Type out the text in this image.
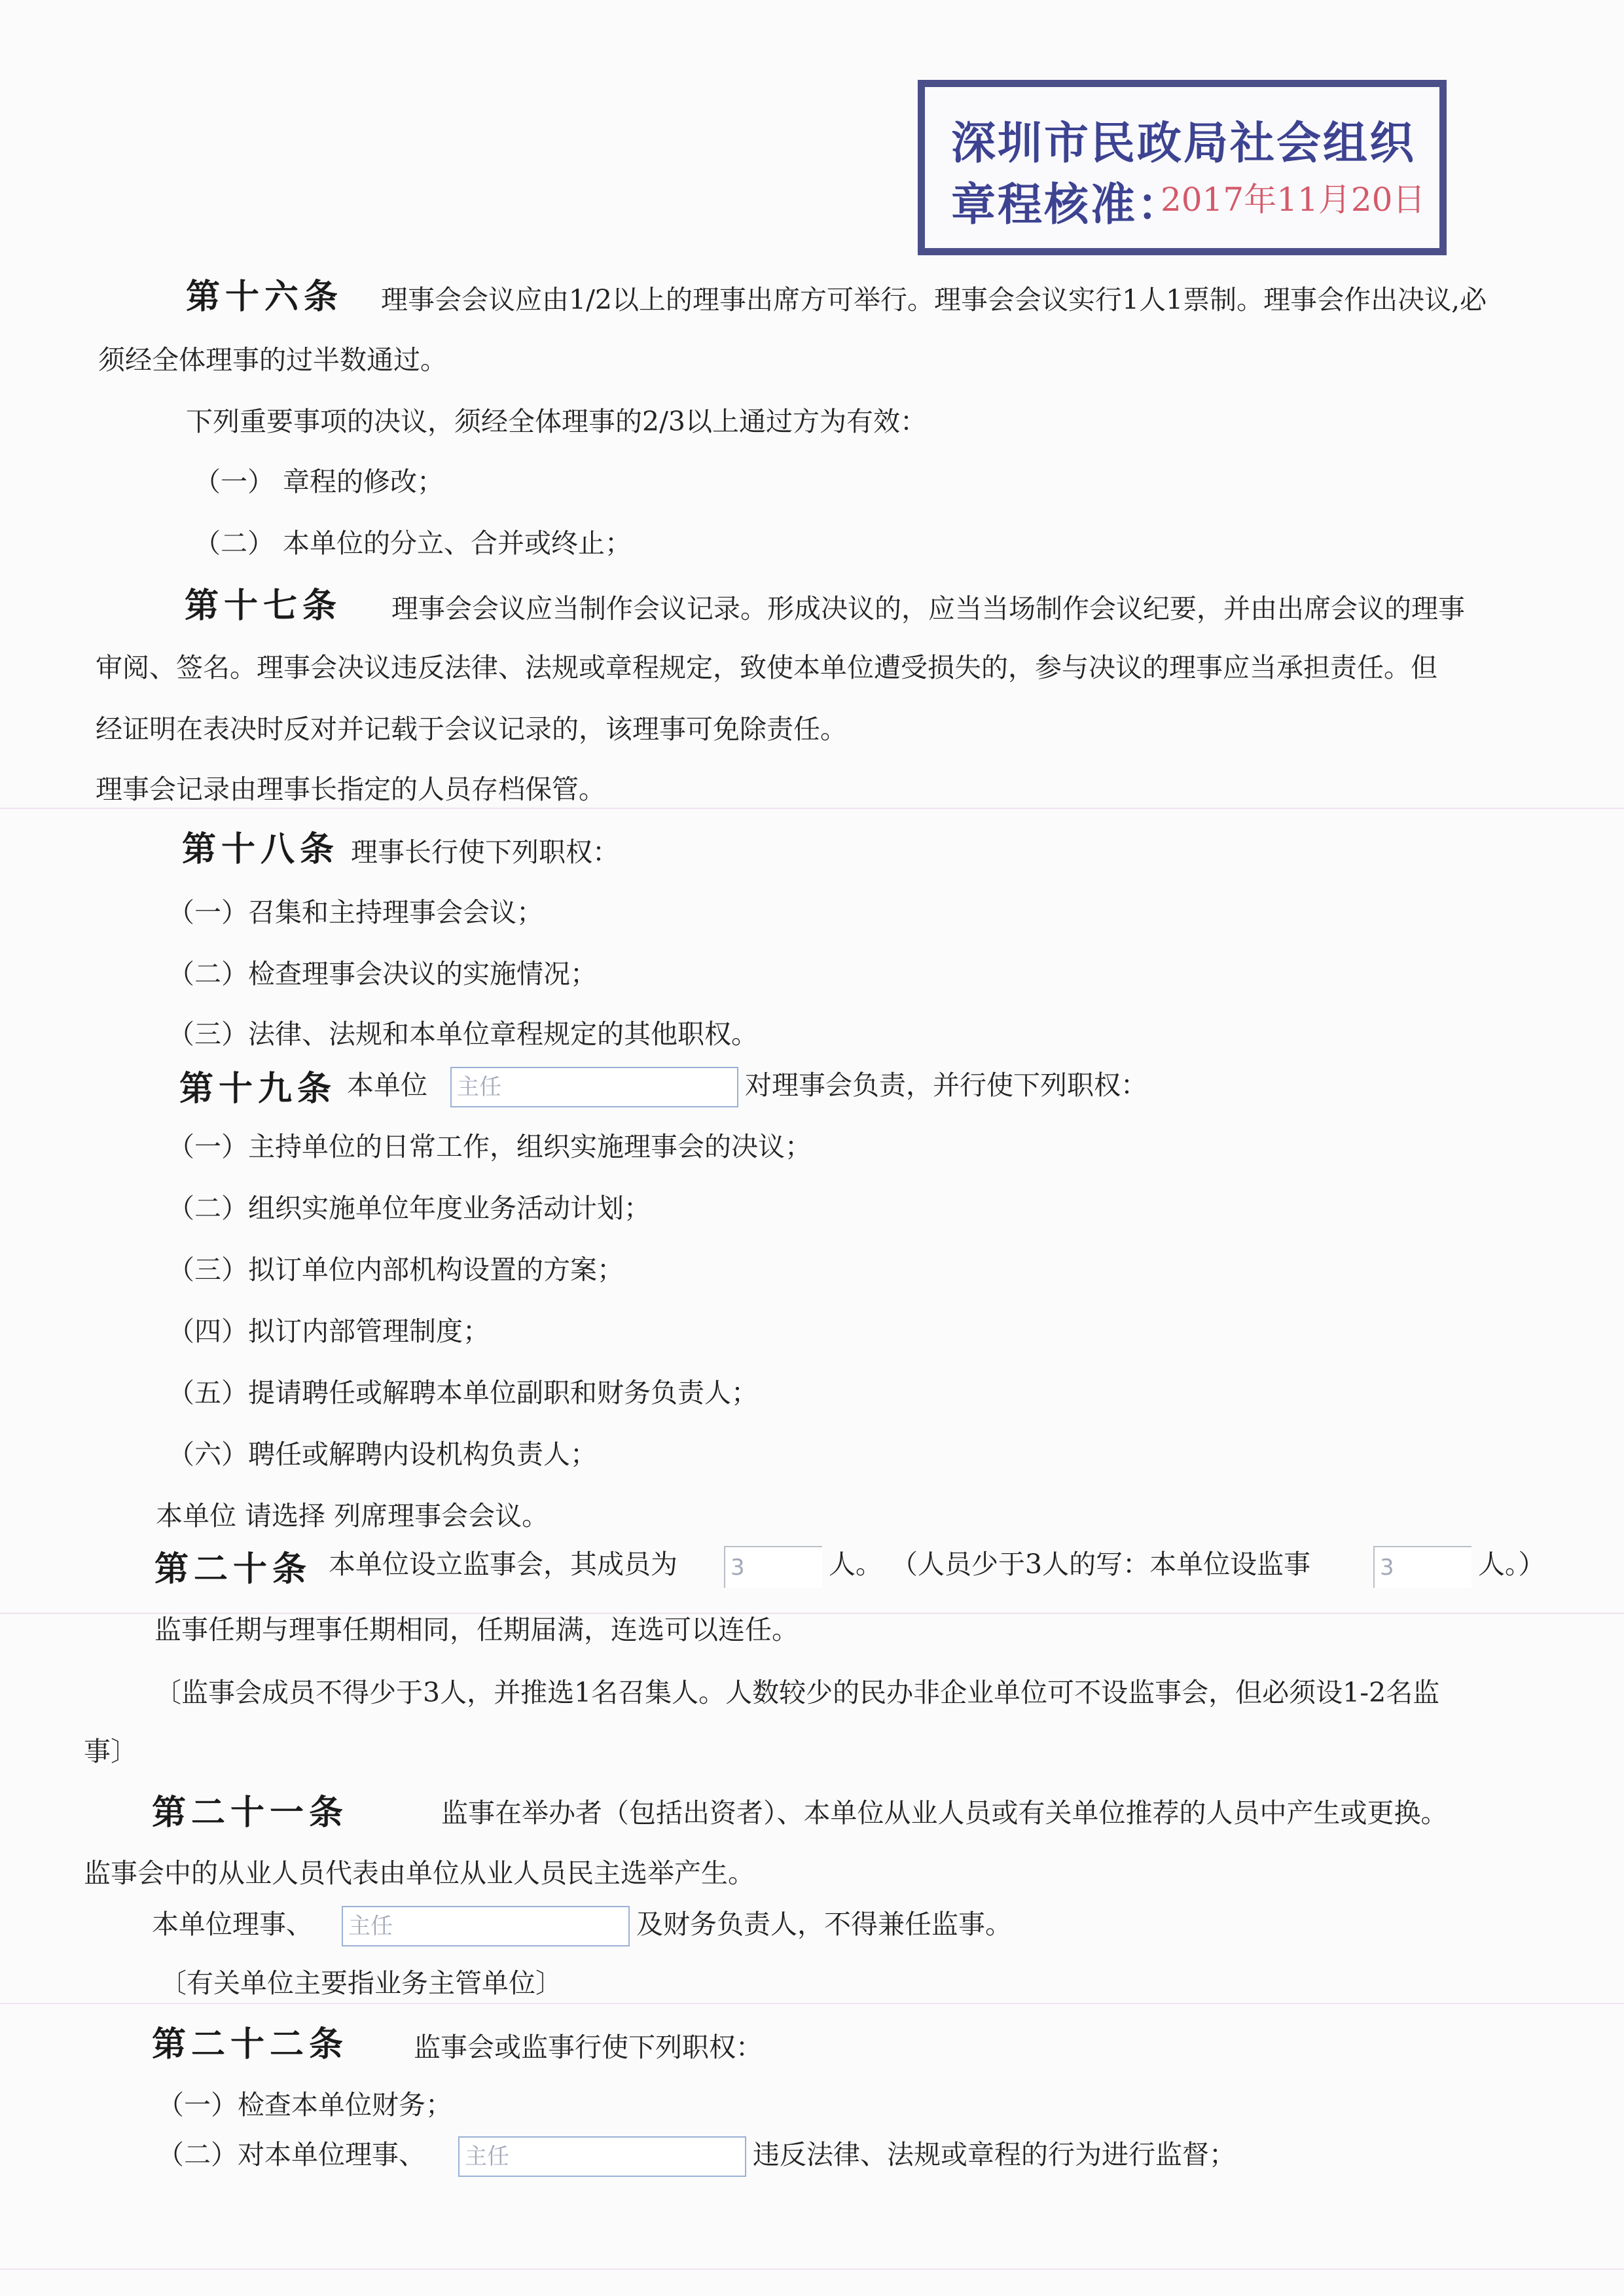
深圳市民政局社会组织
章程核准：
2017年11月20日
第十六条 理事会会议应由1/2以上的理事出席方可举行。理事会会议实行1人1票制。理事会作出决议,必
须经全体理事的过半数通过。
下列重要事项的决议，须经全体理事的2/3以上通过方为有效：
（一） 章程的修改；
（二） 本单位的分立、合并或终止；
第十七条 理事会会议应当制作会议记录。形成决议的，应当当场制作会议纪要，并由出席会议的理事
审阅、签名。理事会决议违反法律、法规或章程规定，致使本单位遭受损失的，参与决议的理事应当承担责任。但
经证明在表决时反对并记载于会议记录的，该理事可免除责任。
理事会记录由理事长指定的人员存档保管。
第十八条 理事长行使下列职权：
（一）召集和主持理事会会议；
（二）检查理事会决议的实施情况；
（三）法律、法规和本单位章程规定的其他职权。
第十九条 本单位 主任	对理事会负责，并行使下列职权：
（一）主持单位的日常工作，组织实施理事会的决议；
（二）组织实施单位年度业务活动计划；
（三）拟订单位内部机构设置的方案；
（四）拟订内部管理制度；
（五）提请聘任或解聘本单位副职和财务负责人；
（六）聘任或解聘内设机构负责人；
本单位 请选择 列席理事会会议。
第二十条 本单位设立监事会，其成员为 3	人。 （人员少于3人的写：本单位设监事	3	人。）
监事任期与理事任期相同，任期届满，连选可以连任。
〔监事会成员不得少于3人，并推选1名召集人。人数较少的民办非企业单位可不设监事会，但必须设1-2名监
事〕
第二十一条	监事在举办者（包括出资者）、本单位从业人员或有关单位推荐的人员中产生或更换。
监事会中的从业人员代表由单位从业人员民主选举产生。
本单位理事、 主任	及财务负责人，不得兼任监事。
〔有关单位主要指业务主管单位〕
第二十二条 监事会或监事行使下列职权：
（一）检查本单位财务；
（二）对本单位理事、 主任	违反法律、法规或章程的行为进行监督；
